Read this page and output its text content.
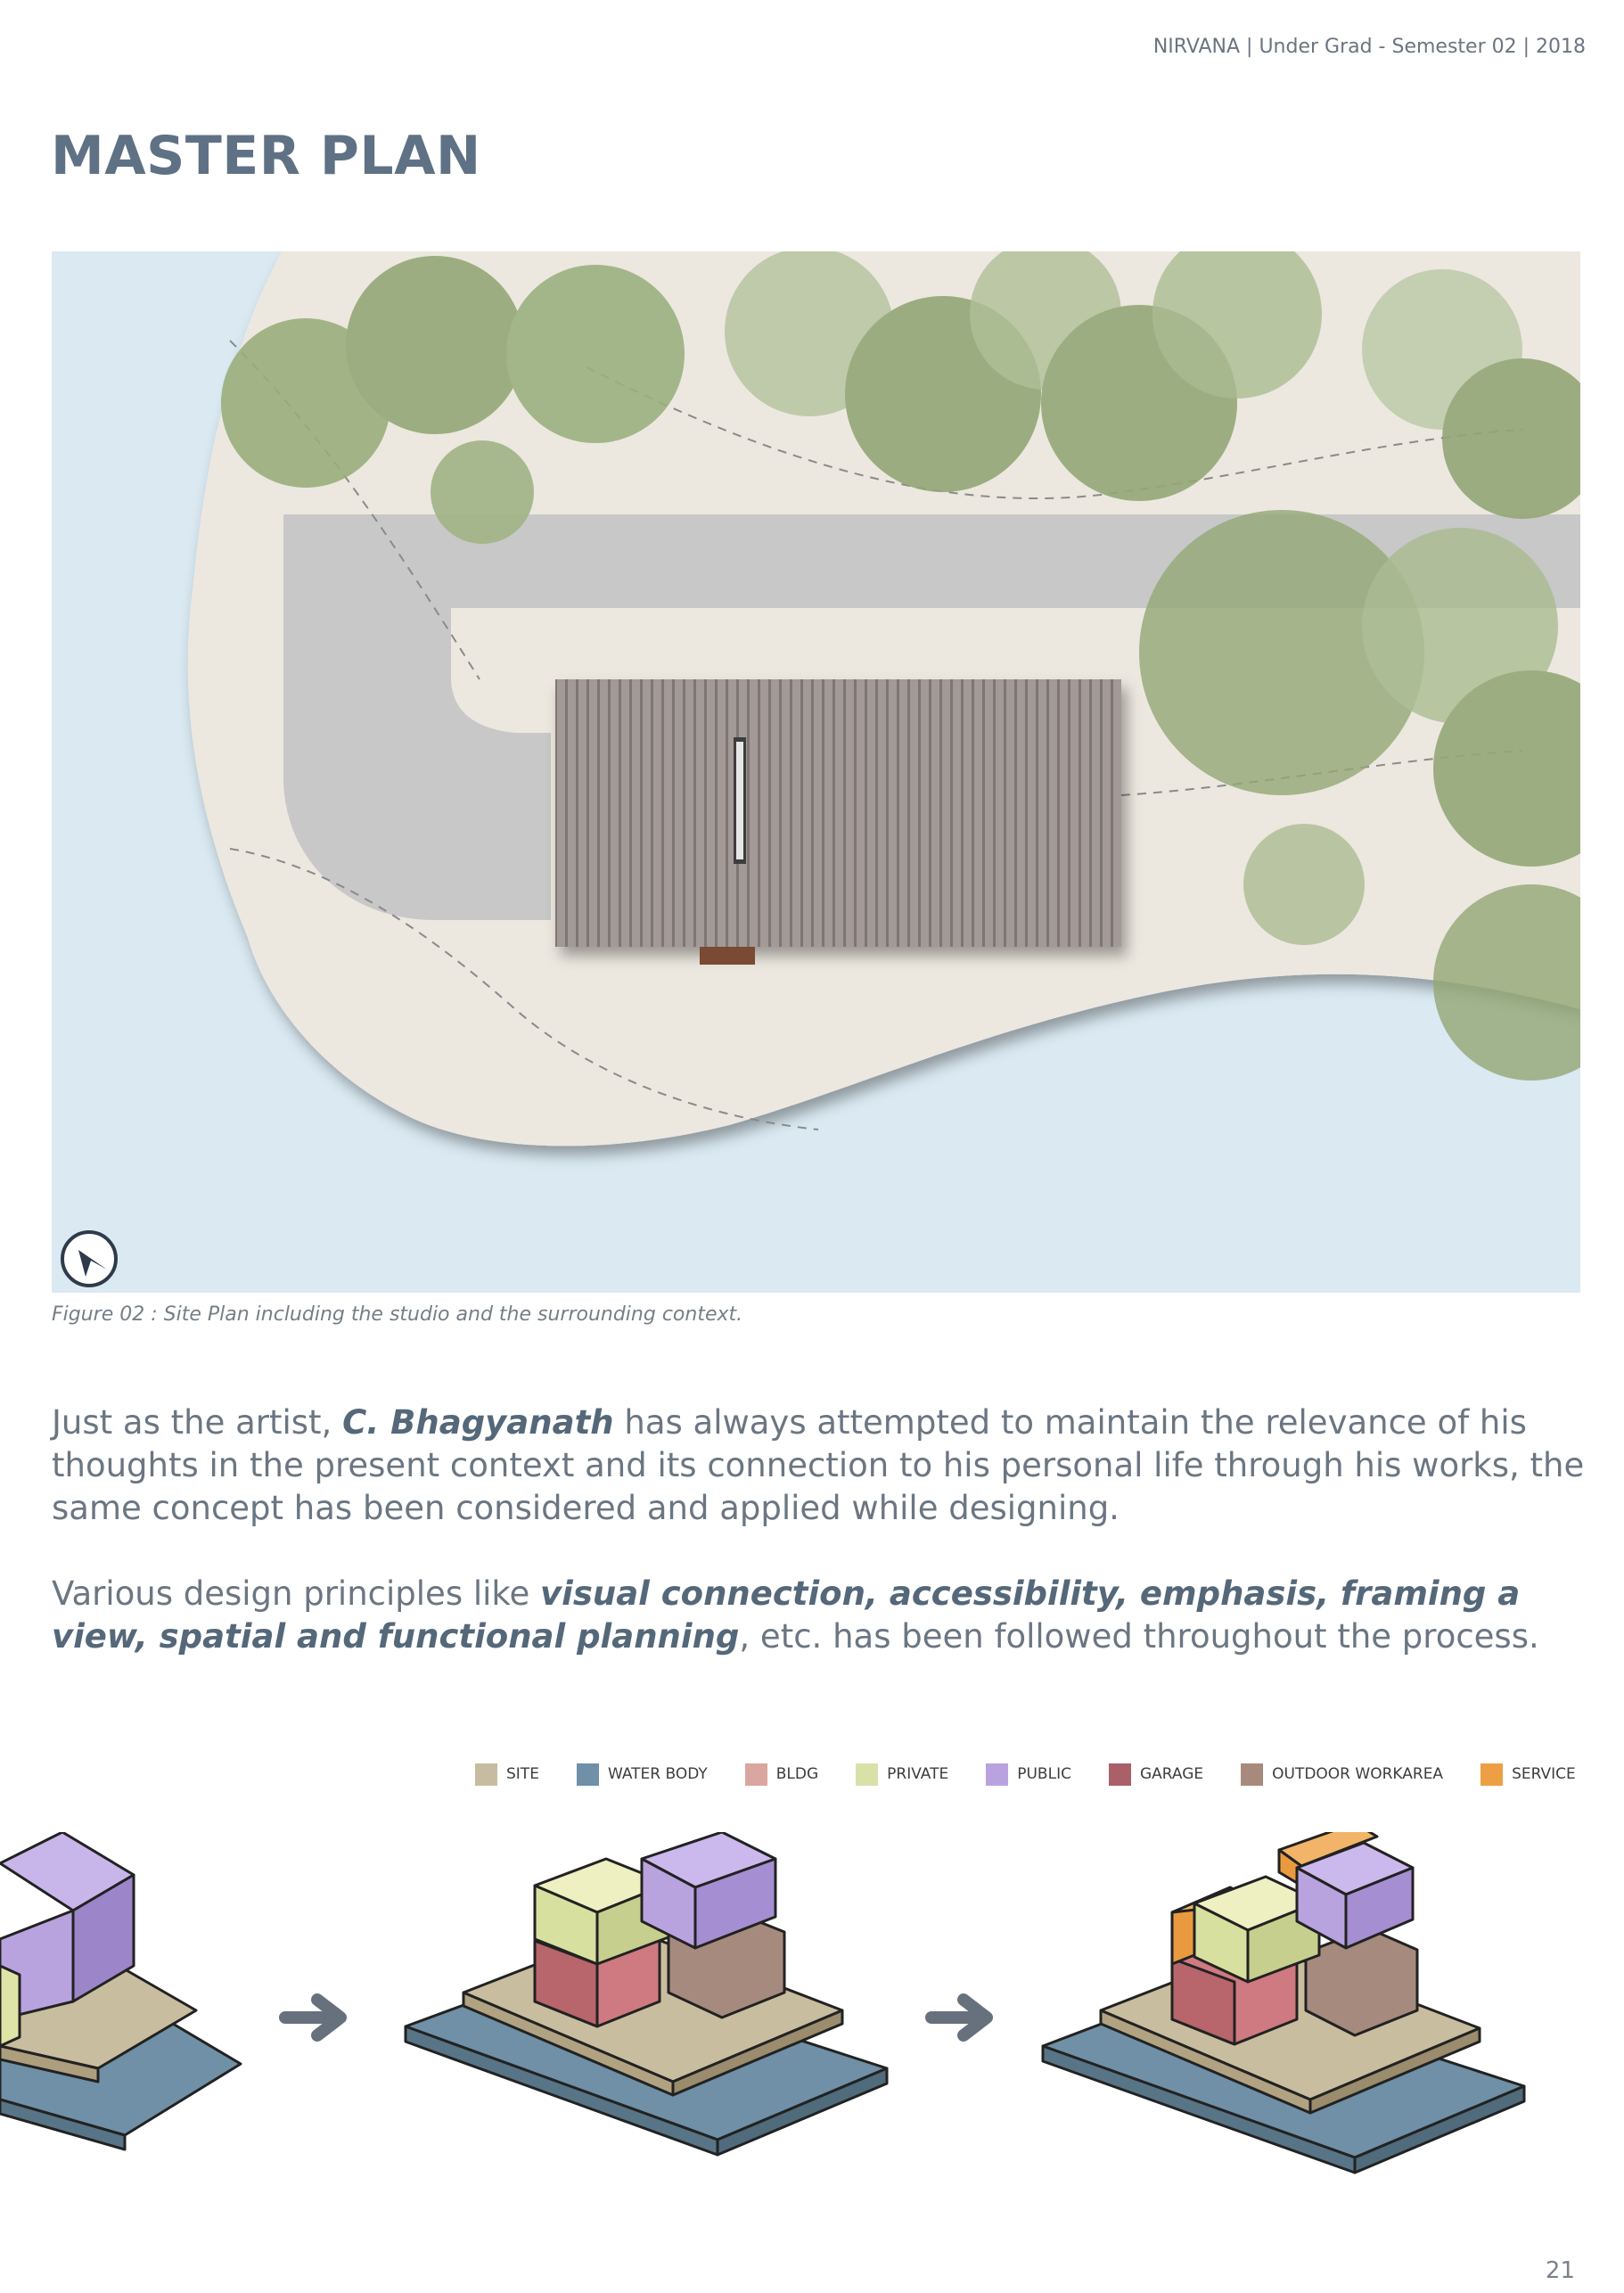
NIRVANA | Under Grad - Semester 02 | 2018
MASTER PLAN
Figure 02 : Site Plan including the studio and the surrounding context.

Just as the artist, C. Bhagyanath has always attempted to maintain the relevance of his thoughts in the present context and its connection to his personal life through his works, the same concept has been considered and applied while designing.

Various design principles like visual connection, accessibility, emphasis, framing a view, spatial and functional planning, etc. has been followed throughout the process.

SITE	WATER BODY	BLDG	PRIVATE	PUBLIC	GARAGE	OUTDOOR WORKAREA	SERVICE
21
